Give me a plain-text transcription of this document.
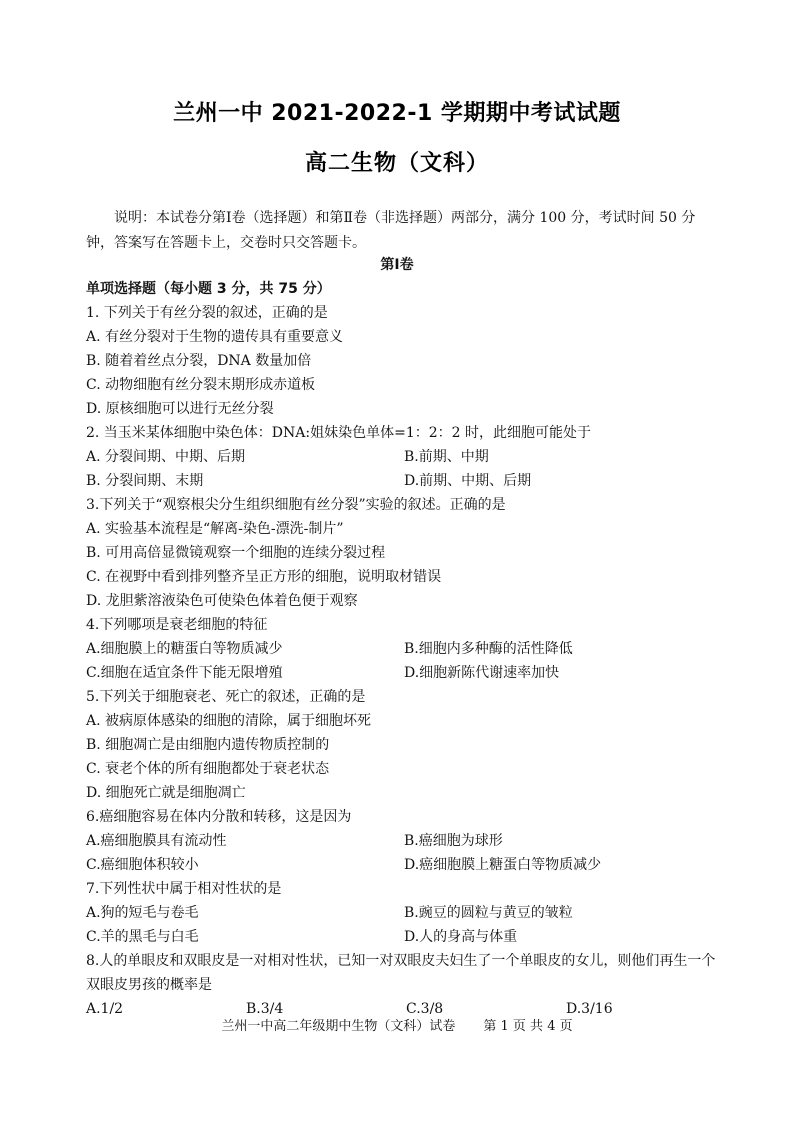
兰州一中 2021-2022-1 学期期中考试试题
高二生物（文科）

说明：本试卷分第Ⅰ卷（选择题）和第Ⅱ卷（非选择题）两部分，满分 100 分，考试时间 50 分钟，答案写在答题卡上，交卷时只交答题卡。

第Ⅰ卷
单项选择题（每小题 3 分，共 75 分）
1. 下列关于有丝分裂的叙述，正确的是
A. 有丝分裂对于生物的遗传具有重要意义
B. 随着着丝点分裂，DNA 数量加倍
C. 动物细胞有丝分裂末期形成赤道板
D. 原核细胞可以进行无丝分裂
2. 当玉米某体细胞中染色体：DNA:姐妹染色单体=1：2：2 时，此细胞可能处于
A. 分裂间期、中期、后期	B.前期、中期
B. 分裂间期、末期	D.前期、中期、后期
3.下列关于“观察根尖分生组织细胞有丝分裂”实验的叙述。正确的是
A. 实验基本流程是“解离-染色-漂洗-制片”
B. 可用高倍显微镜观察一个细胞的连续分裂过程
C. 在视野中看到排列整齐呈正方形的细胞，说明取材错误
D. 龙胆紫溶液染色可使染色体着色便于观察
4.下列哪项是衰老细胞的特征
A.细胞膜上的糖蛋白等物质减少	B.细胞内多种酶的活性降低
C.细胞在适宜条件下能无限增殖	D.细胞新陈代谢速率加快
5.下列关于细胞衰老、死亡的叙述，正确的是
A. 被病原体感染的细胞的清除，属于细胞坏死
B. 细胞凋亡是由细胞内遗传物质控制的
C. 衰老个体的所有细胞都处于衰老状态
D. 细胞死亡就是细胞凋亡
6.癌细胞容易在体内分散和转移，这是因为
A.癌细胞膜具有流动性	B.癌细胞为球形
C.癌细胞体积较小	D.癌细胞膜上糖蛋白等物质减少
7.下列性状中属于相对性状的是
A.狗的短毛与卷毛	B.豌豆的圆粒与黄豆的皱粒
C.羊的黑毛与白毛	D.人的身高与体重
8.人的单眼皮和双眼皮是一对相对性状，已知一对双眼皮夫妇生了一个单眼皮的女儿，则他们再生一个双眼皮男孩的概率是
A.1/2	B.3/4	C.3/8	D.3/16
兰州一中高二年级期中生物（文科）试卷 第 1 页 共 4 页
